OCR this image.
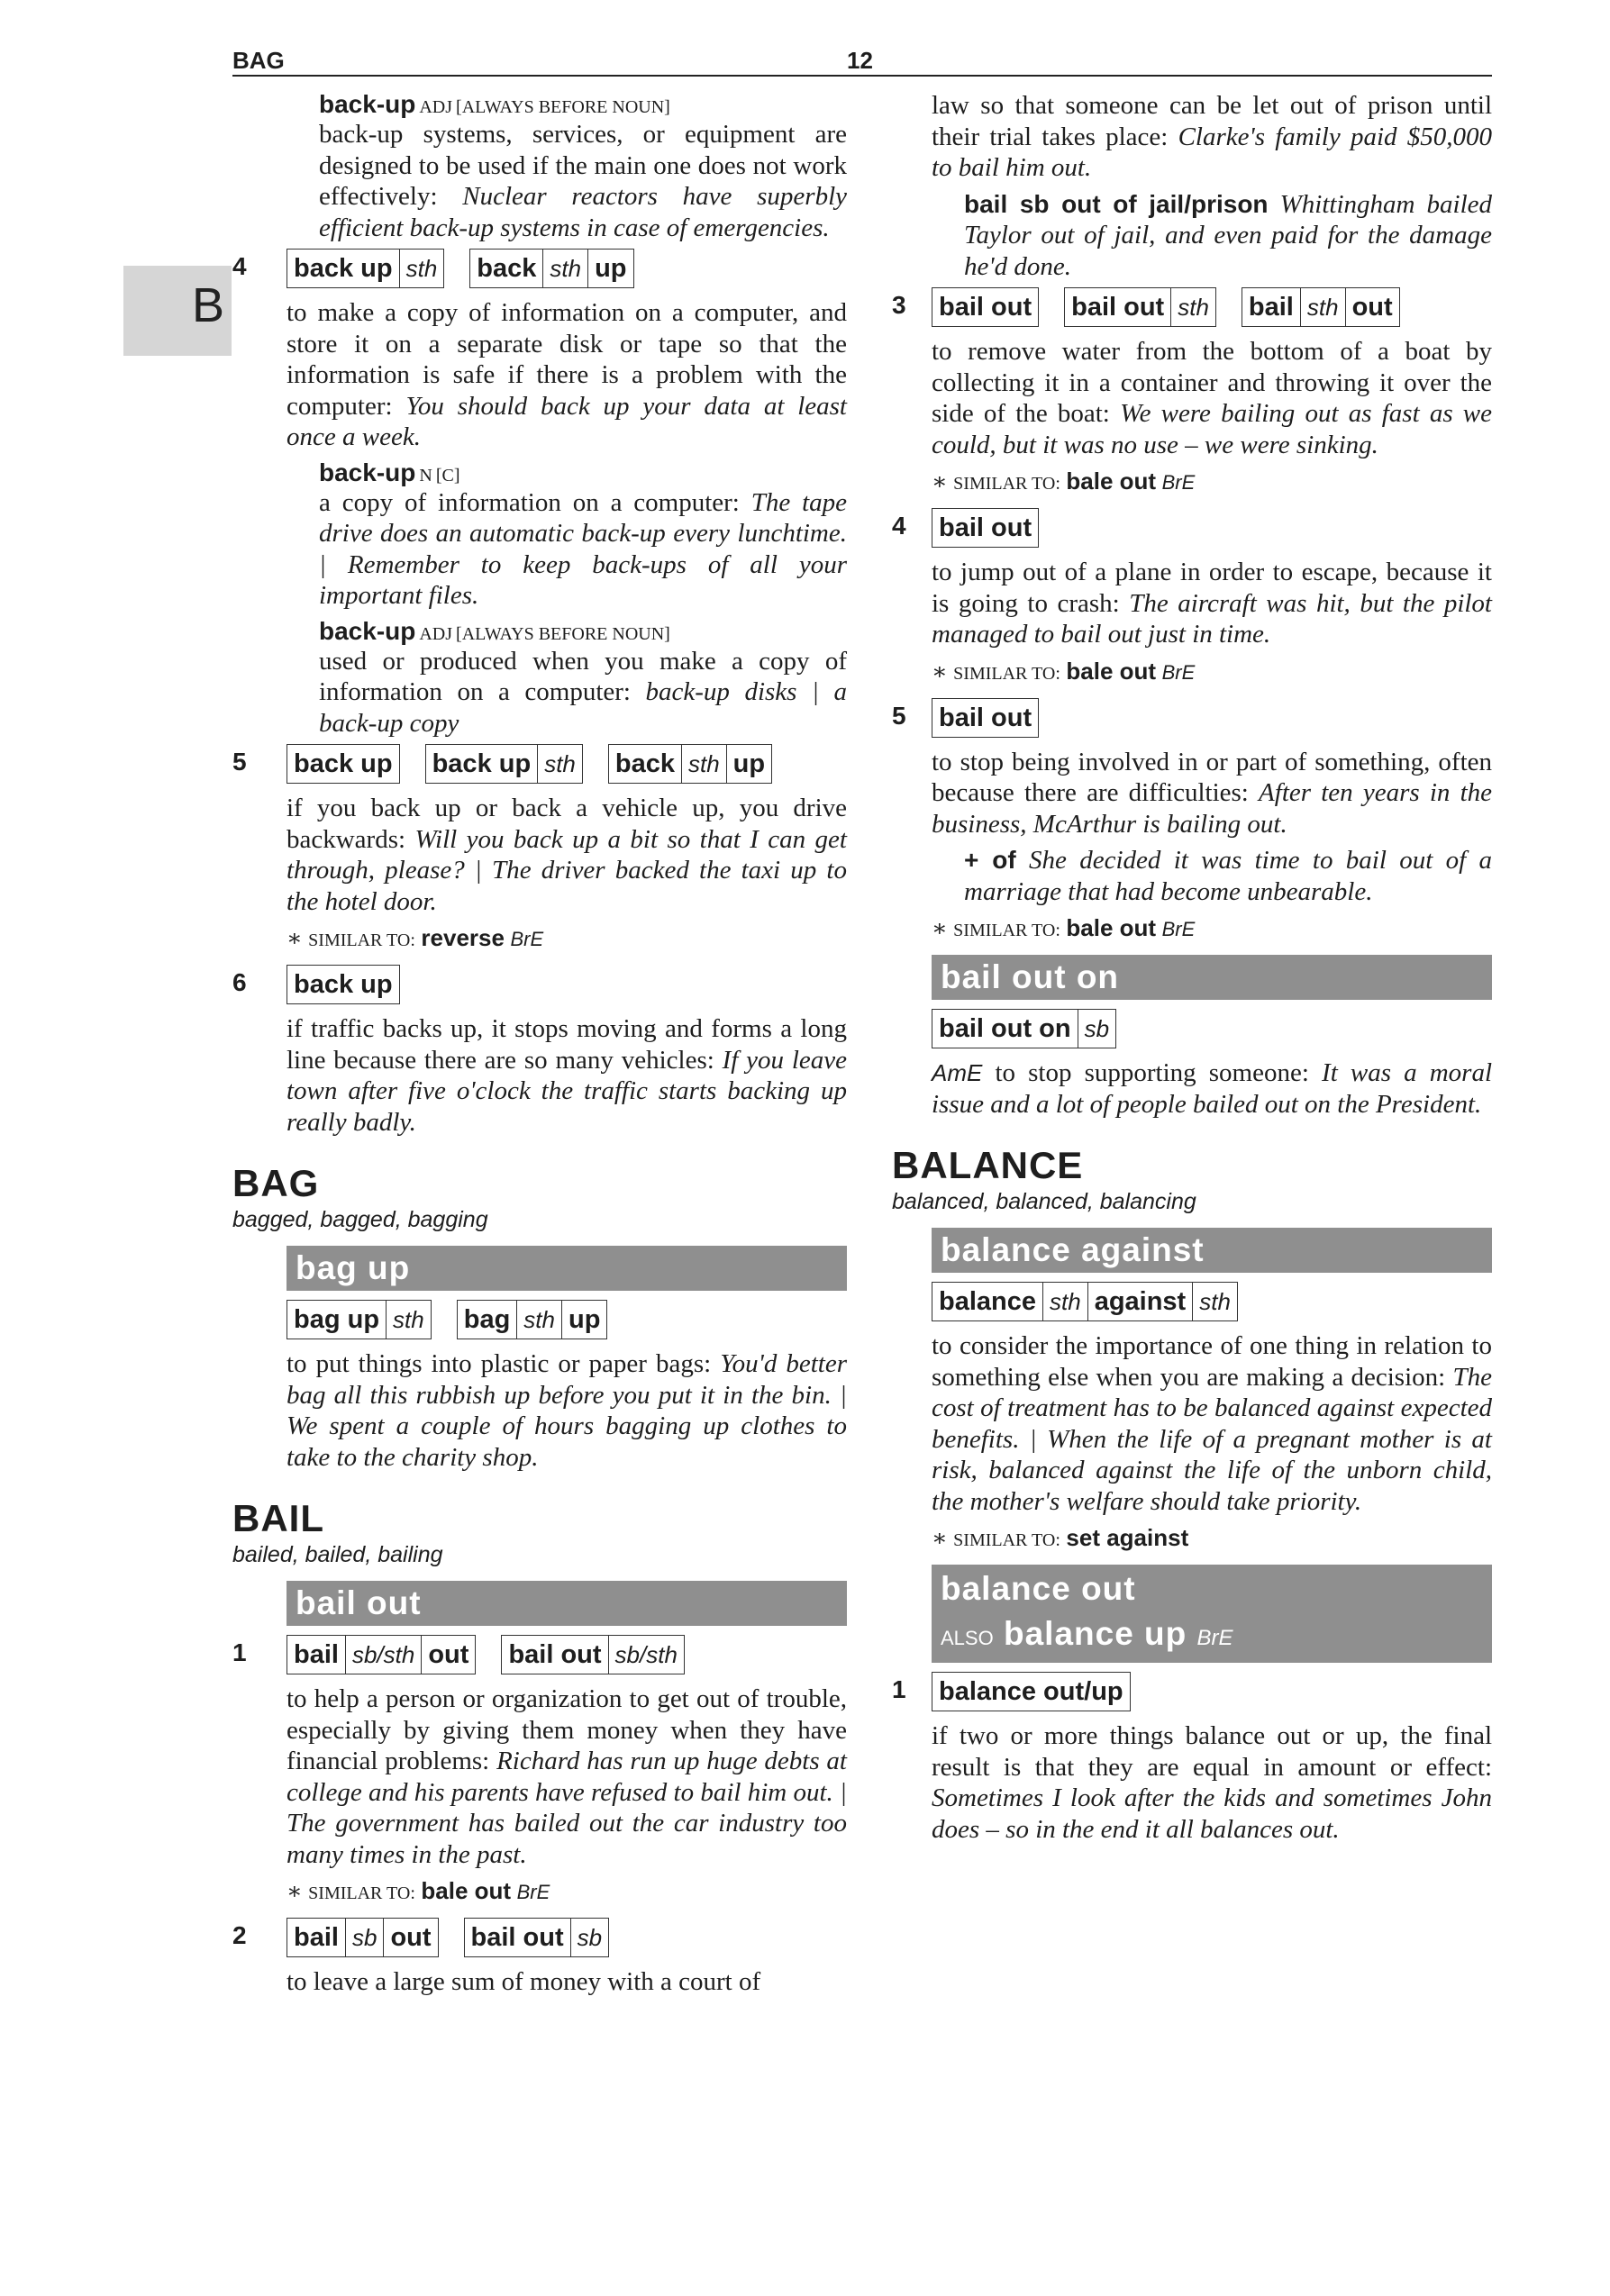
BAG	12
B
back-up ADJ [ALWAYS BEFORE NOUN]
back-up systems, services, or equipment are designed to be used if the main one does not work effectively: Nuclear reactors have superbly efficient back-up systems in case of emergencies.
4 back up sth back sth up
to make a copy of information on a computer, and store it on a separate disk or tape so that the information is safe if there is a problem with the computer: You should back up your data at least once a week.
back-up N [C]
a copy of information on a computer: The tape drive does an automatic back-up every lunchtime. | Remember to keep back-ups of all your important files.
back-up ADJ [ALWAYS BEFORE NOUN]
used or produced when you make a copy of information on a computer: back-up disks | a back-up copy
5 back up back up sth back sth up
if you back up or back a vehicle up, you drive backwards: Will you back up a bit so that I can get through, please? | The driver backed the taxi up to the hotel door.
∗ SIMILAR TO: reverse BrE
6 back up
if traffic backs up, it stops moving and forms a long line because there are so many vehicles: If you leave town after five o'clock the traffic starts backing up really badly.
BAG
bagged, bagged, bagging
bag up
bag up sth bag sth up
to put things into plastic or paper bags: You'd better bag all this rubbish up before you put it in the bin. | We spent a couple of hours bagging up clothes to take to the charity shop.
BAIL
bailed, bailed, bailing
bail out
1 bail sb/sth out bail out sb/sth
to help a person or organization to get out of trouble, especially by giving them money when they have financial problems: Richard has run up huge debts at college and his parents have refused to bail him out. | The government has bailed out the car industry too many times in the past.
∗ SIMILAR TO: bale out BrE
2 bail sb out bail out sb
to leave a large sum of money with a court of
law so that someone can be let out of prison until their trial takes place: Clarke's family paid $50,000 to bail him out.
bail sb out of jail/prison Whittingham bailed Taylor out of jail, and even paid for the damage he'd done.
3 bail out bail out sth bail sth out
to remove water from the bottom of a boat by collecting it in a container and throwing it over the side of the boat: We were bailing out as fast as we could, but it was no use – we were sinking.
∗ SIMILAR TO: bale out BrE
4 bail out
to jump out of a plane in order to escape, because it is going to crash: The aircraft was hit, but the pilot managed to bail out just in time.
∗ SIMILAR TO: bale out BrE
5 bail out
to stop being involved in or part of something, often because there are difficulties: After ten years in the business, McArthur is bailing out.
+ of She decided it was time to bail out of a marriage that had become unbearable.
∗ SIMILAR TO: bale out BrE
bail out on
bail out on sb
AmE to stop supporting someone: It was a moral issue and a lot of people bailed out on the President.
BALANCE
balanced, balanced, balancing
balance against
balance sth against sth
to consider the importance of one thing in relation to something else when you are making a decision: The cost of treatment has to be balanced against expected benefits. | When the life of a pregnant mother is at risk, balanced against the life of the unborn child, the mother's welfare should take priority.
∗ SIMILAR TO: set against
balance out
ALSO balance up BrE
1 balance out/up
if two or more things balance out or up, the final result is that they are equal in amount or effect: Sometimes I look after the kids and sometimes John does – so in the end it all balances out.
